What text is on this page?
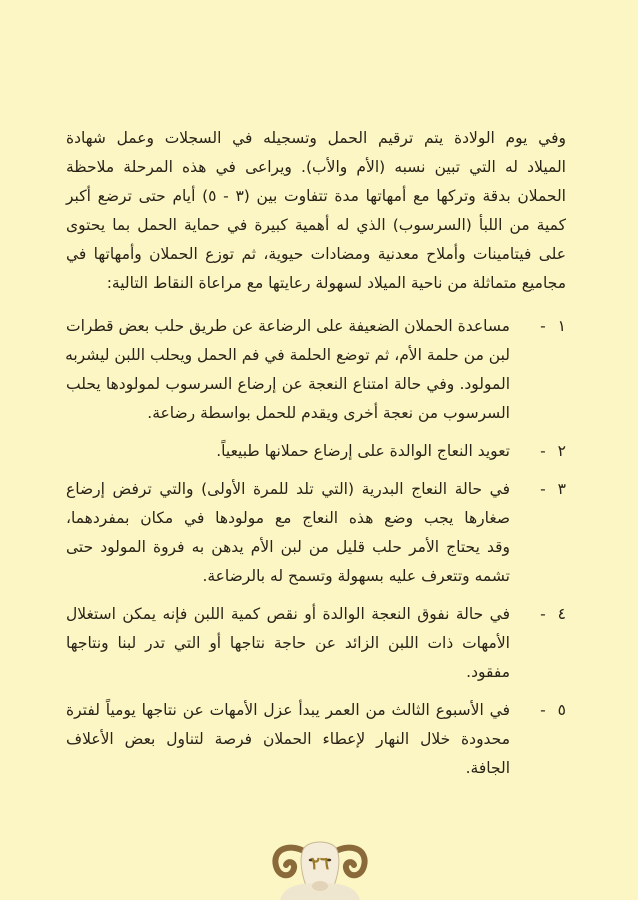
وفي يوم الولادة يتم ترقيم الحمل وتسجيله في السجلات وعمل شهادة
الميلاد له التي تبين نسبه (الأم والأب). ويراعى في هذه المرحلة ملاحظة
الحملان بدقة وتركها مع أمهاتها مدة تتفاوت بين (٣ - ٥) أيام حتى ترضع أكبر
كمية من اللبأ (السرسوب) الذي له أهمية كبيرة في حماية الحمل بما يحتوى
على فيتامينات وأملاح معدنية ومضادات حيوية، ثم توزع الحملان وأمهاتها في
مجاميع متماثلة من ناحية الميلاد لسهولة رعايتها مع مراعاة النقاط التالية:

١
-
مساعدة الحملان الضعيفة على الرضاعة عن طريق حلب بعض قطرات
لبن من حلمة الأم، ثم توضع الحلمة في فم الحمل ويحلب اللبن ليشربه
المولود. وفي حالة امتناع النعجة عن إرضاع السرسوب لمولودها يحلب
السرسوب من نعجة أخرى ويقدم للحمل بواسطة رضاعة.
٢
-
تعويد النعاج الوالدة على إرضاع حملانها طبيعياً.
٣
-
في حالة النعاج البدرية (التي تلد للمرة الأولى) والتي ترفض إرضاع
صغارها يجب وضع هذه النعاج مع مولودها في مكان بمفردهما،
وقد يحتاج الأمر حلب قليل من لبن الأم يدهن به فروة المولود حتى
تشمه وتتعرف عليه بسهولة وتسمح له بالرضاعة.
٤
-
في حالة نفوق النعجة الوالدة أو نقص كمية اللبن فإنه يمكن استغلال
الأمهات ذات اللبن الزائد عن حاجة نتاجها أو التي تدر لبنا ونتاجها
مفقود.
٥
-
في الأسبوع الثالث من العمر يبدأ عزل الأمهات عن نتاجها يومياً لفترة
محدودة خلال النهار لإعطاء الحملان فرصة لتناول بعض الأعلاف
الجافة.
٢٦
